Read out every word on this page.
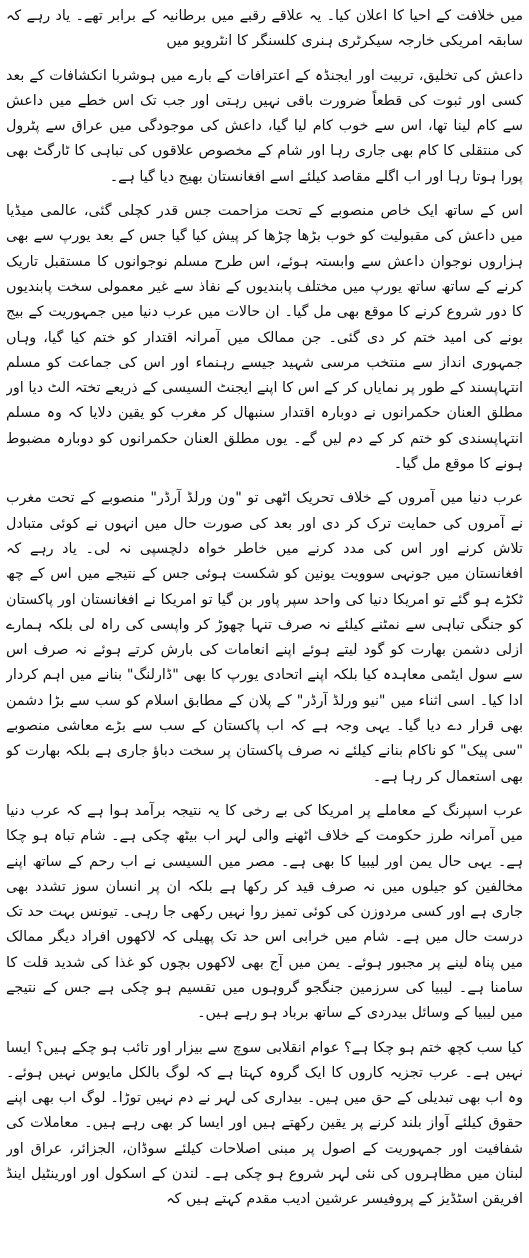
میں خلافت کے احیا کا اعلان کیا۔ یہ علاقے رقبے میں برطانیہ کے برابر تھے۔ یاد رہے کہ سابقہ امریکی خارجہ سیکرٹری ہنری کلسنگر کا انٹرویو میں

داعش کی تخلیق، تربیت اور ایجنڈہ کے اعترافات کے بارے میں ہوشربا انکشافات کے بعد کسی اور ثبوت کی قطعاً ضرورت باقی نہیں رہتی اور جب تک اس خطے میں داعش سے کام لینا تھا، اس سے خوب کام لیا گیا، داعش کی موجودگی میں عراق سے پٹرول کی منتقلی کا کام بھی جاری رہا اور شام کے مخصوص علاقوں کی تباہی کا ٹارگٹ بھی پورا ہوتا رہا اور اب اگلے مقاصد کیلئے اسے افغانستان بھیج دیا گیا ہے۔

اس کے ساتھ ایک خاص منصوبے کے تحت مزاحمت جس قدر کچلی گئی، عالمی میڈیا میں داعش کی مقبولیت کو خوب بڑھا چڑھا کر پیش کیا گیا جس کے بعد یورپ سے بھی ہزاروں نوجوان داعش سے وابستہ ہوئے، اس طرح مسلم نوجوانوں کا مستقبل تاریک کرنے کے ساتھ ساتھ یورپ میں مختلف پابندیوں کے نفاذ سے غیر معمولی سخت پابندیوں کا دور شروع کرنے کا موقع بھی مل گیا۔ ان حالات میں عرب دنیا میں جمہوریت کے بیج بونے کی امید ختم کر دی گئی۔ جن ممالک میں آمرانہ اقتدار کو ختم کیا گیا، وہاں جمہوری انداز سے منتخب مرسی شہید جیسے رہنماء اور اس کی جماعت کو مسلم انتہاپسند کے طور پر نمایاں کر کے اس کا اپنے ایجنٹ السیسی کے ذریعے تختہ الٹ دیا اور مطلق العنان حکمرانوں نے دوبارہ اقتدار سنبھال کر مغرب کو یقین دلایا کہ وہ مسلم انتہاپسندی کو ختم کر کے دم لیں گے۔ یوں مطلق العنان حکمرانوں کو دوبارہ مضبوط ہونے کا موقع مل گیا۔

عرب دنیا میں آمروں کے خلاف تحریک اٹھی تو "ون ورلڈ آرڈر" منصوبے کے تحت مغرب نے آمروں کی حمایت ترک کر دی اور بعد کی صورت حال میں انہوں نے کوئی متبادل تلاش کرنے اور اس کی مدد کرنے میں خاطر خواہ دلچسپی نہ لی۔ یاد رہے کہ افغانستان میں جونہی سوویت یونین کو شکست ہوئی جس کے نتیجے میں اس کے چھ ٹکڑے ہو گئے تو امریکا دنیا کی واحد سپر پاور بن گیا تو امریکا نے افغانستان اور پاکستان کو جنگی تباہی سے نمٹنے کیلئے نہ صرف تنہا چھوڑ کر واپسی کی راہ لی بلکہ ہمارے ازلی دشمن بھارت کو گود لیتے ہوئے اپنے انعامات کی بارش کرتے ہوئے نہ صرف اس سے سول ایٹمی معاہدہ کیا بلکہ اپنے اتحادی یورپ کا بھی "ڈارلنگ" بنانے میں اہم کردار ادا کیا۔ اسی اثناء میں "نیو ورلڈ آرڈر" کے پلان کے مطابق اسلام کو سب سے بڑا دشمن بھی قرار دے دیا گیا۔ یہی وجہ ہے کہ اب پاکستان کے سب سے بڑے معاشی منصوبے "سی پیک" کو ناکام بنانے کیلئے نہ صرف پاکستان پر سخت دباؤ جاری ہے بلکہ بھارت کو بھی استعمال کر رہا ہے۔

عرب اسپرنگ کے معاملے پر امریکا کی بے رخی کا یہ نتیجہ برآمد ہوا ہے کہ عرب دنیا میں آمرانہ طرز حکومت کے خلاف اٹھنے والی لہر اب بیٹھ چکی ہے۔ شام تباہ ہو چکا ہے۔ یہی حال یمن اور لیبیا کا بھی ہے۔ مصر میں السیسی نے اب رحم کے ساتھ اپنے مخالفین کو جیلوں میں نہ صرف قید کر رکھا ہے بلکہ ان پر انسان سوز تشدد بھی جاری ہے اور کسی مردوزن کی کوئی تمیز روا نہیں رکھی جا رہی۔ تیونس بہت حد تک درست حال میں ہے۔ شام میں خرابی اس حد تک پھیلی کہ لاکھوں افراد دیگر ممالک میں پناہ لینے پر مجبور ہوئے۔ یمن میں آج بھی لاکھوں بچوں کو غذا کی شدید قلت کا سامنا ہے۔ لیبیا کی سرزمین جنگجو گروہوں میں تقسیم ہو چکی ہے جس کے نتیجے میں لیبیا کے وسائل بیدردی کے ساتھ برباد ہو رہے ہیں۔

کیا سب کچھ ختم ہو چکا ہے؟ عوام انقلابی سوچ سے بیزار اور تائب ہو چکے ہیں؟ ایسا نہیں ہے۔ عرب تجزیہ کاروں کا ایک گروہ کہتا ہے کہ لوگ بالکل مایوس نہیں ہوئے۔ وہ اب بھی تبدیلی کے حق میں ہیں۔ بیداری کی لہر نے دم نہیں توڑا۔ لوگ اب بھی اپنے حقوق کیلئے آواز بلند کرنے پر یقین رکھتے ہیں اور ایسا کر بھی رہے ہیں۔ معاملات کی شفافیت اور جمہوریت کے اصول پر مبنی اصلاحات کیلئے سوڈان، الجزائر، عراق اور لبنان میں مظاہروں کی نئی لہر شروع ہو چکی ہے۔ لندن کے اسکول اور اورینٹیل اینڈ افریقن اسٹڈیز کے پروفیسر عرشین ادیب مقدم کہتے ہیں کہ
